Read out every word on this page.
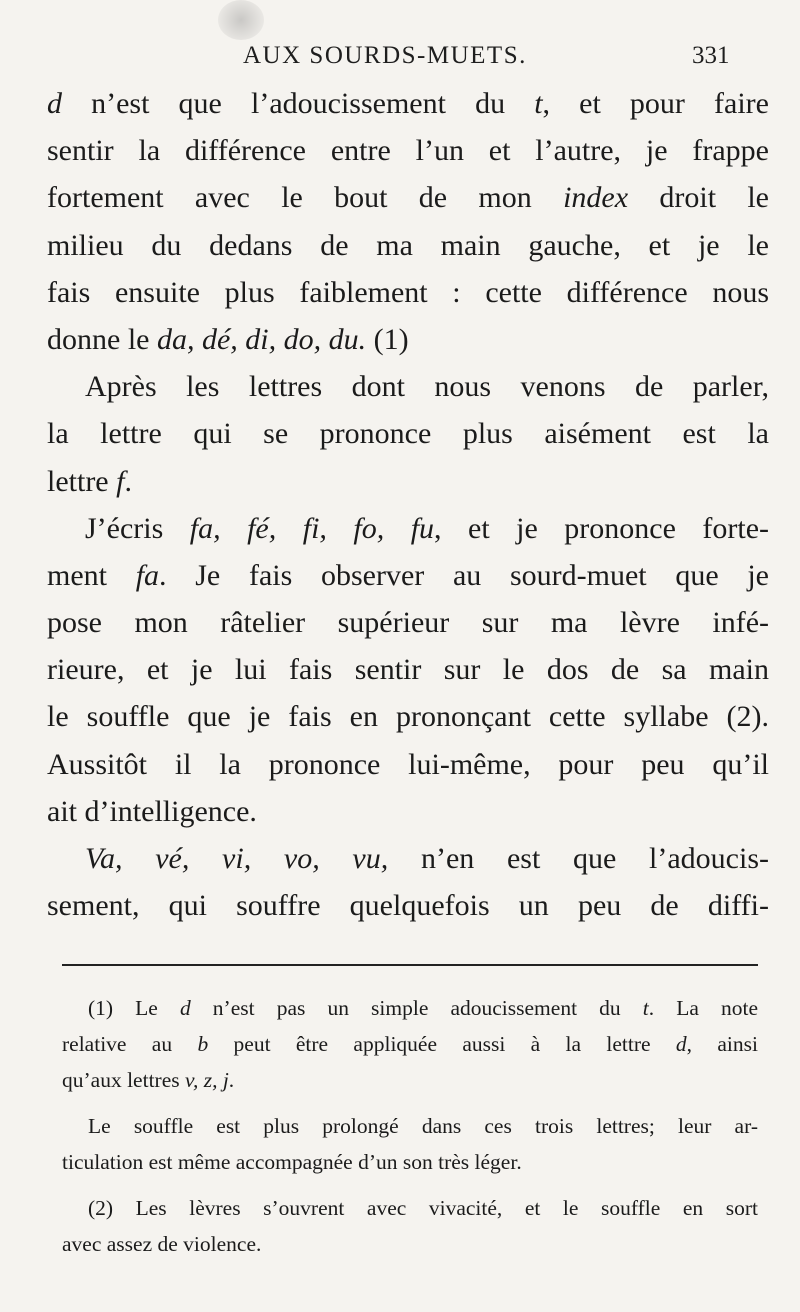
AUX SOURDS-MUETS.	331
d n’est que l’adoucissement du t, et pour faire
sentir la différence entre l’un et l’autre, je frappe
fortement avec le bout de mon index droit le
milieu du dedans de ma main gauche, et je le
fais ensuite plus faiblement : cette différence nous
donne le da, dé, di, do, du. (1)
Après les lettres dont nous venons de parler,
la lettre qui se prononce plus aisément est la
lettre f.
J’écris fa, fé, fi, fo, fu, et je prononce forte-
ment fa. Je fais observer au sourd-muet que je
pose mon râtelier supérieur sur ma lèvre infé-
rieure, et je lui fais sentir sur le dos de sa main
le souffle que je fais en prononçant cette syllabe (2).
Aussitôt il la prononce lui-même, pour peu qu’il
ait d’intelligence.
Va, vé, vi, vo, vu, n’en est que l’adoucis-
sement, qui souffre quelquefois un peu de diffi-
(1) Le d n’est pas un simple adoucissement du t. La note
relative au b peut être appliquée aussi à la lettre d, ainsi
qu’aux lettres v, z, j.
Le souffle est plus prolongé dans ces trois lettres; leur ar-
ticulation est même accompagnée d’un son très léger.
(2) Les lèvres s’ouvrent avec vivacité, et le souffle en sort
avec assez de violence.
